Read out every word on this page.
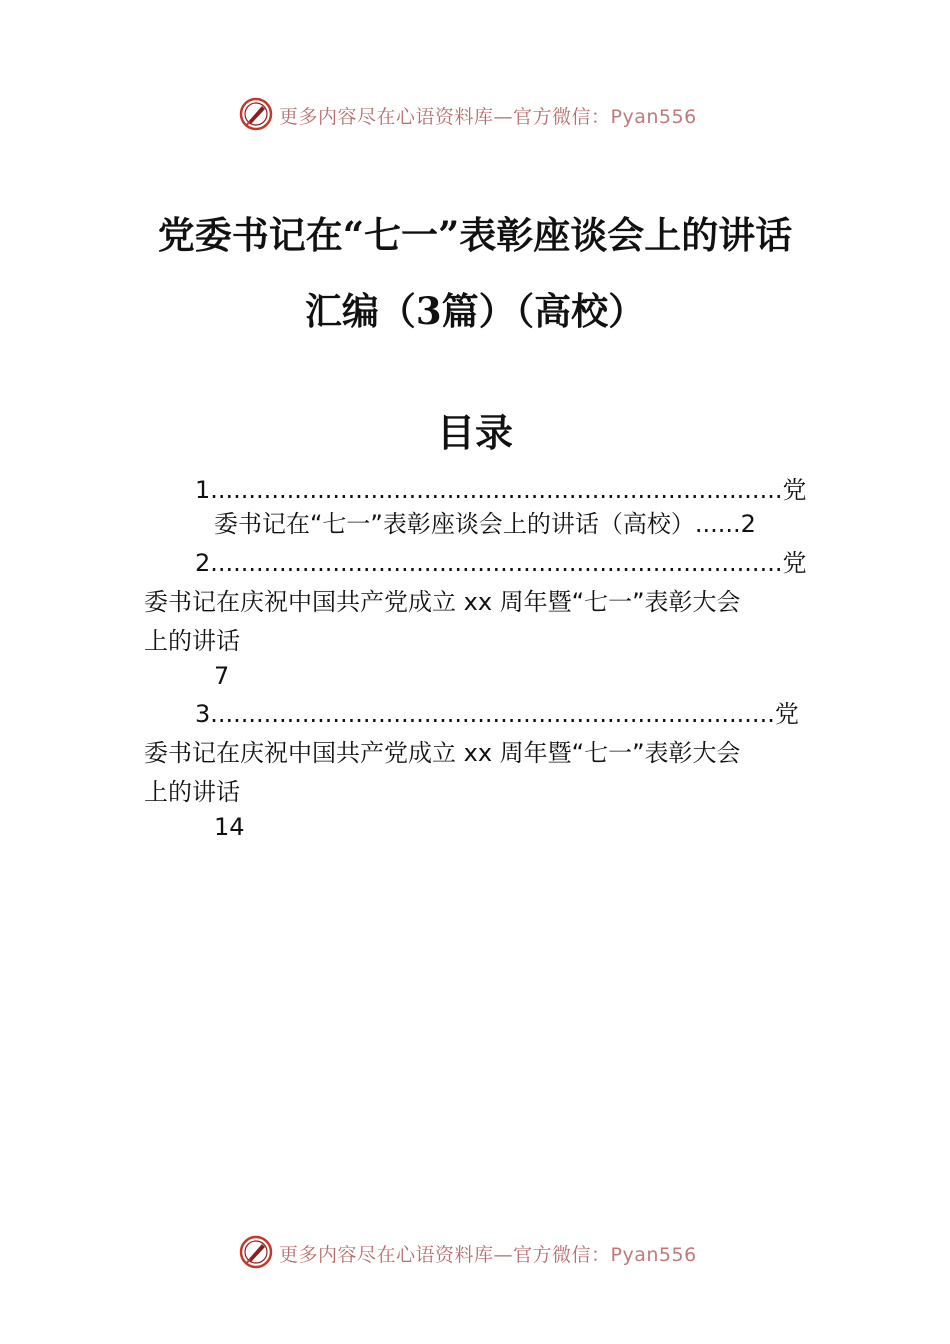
更多内容尽在心语资料库—官方微信：Pyan556
党委书记在“七一”表彰座谈会上的讲话
汇编（3篇）（高校）
目录
1...........................................................................党
委书记在“七一”表彰座谈会上的讲话（高校）......2
2...........................................................................党
委书记在庆祝中国共产党成立 xx 周年暨“七一”表彰大会
上的讲话
7
3..........................................................................党
委书记在庆祝中国共产党成立 xx 周年暨“七一”表彰大会
上的讲话
14
更多内容尽在心语资料库—官方微信：Pyan556
